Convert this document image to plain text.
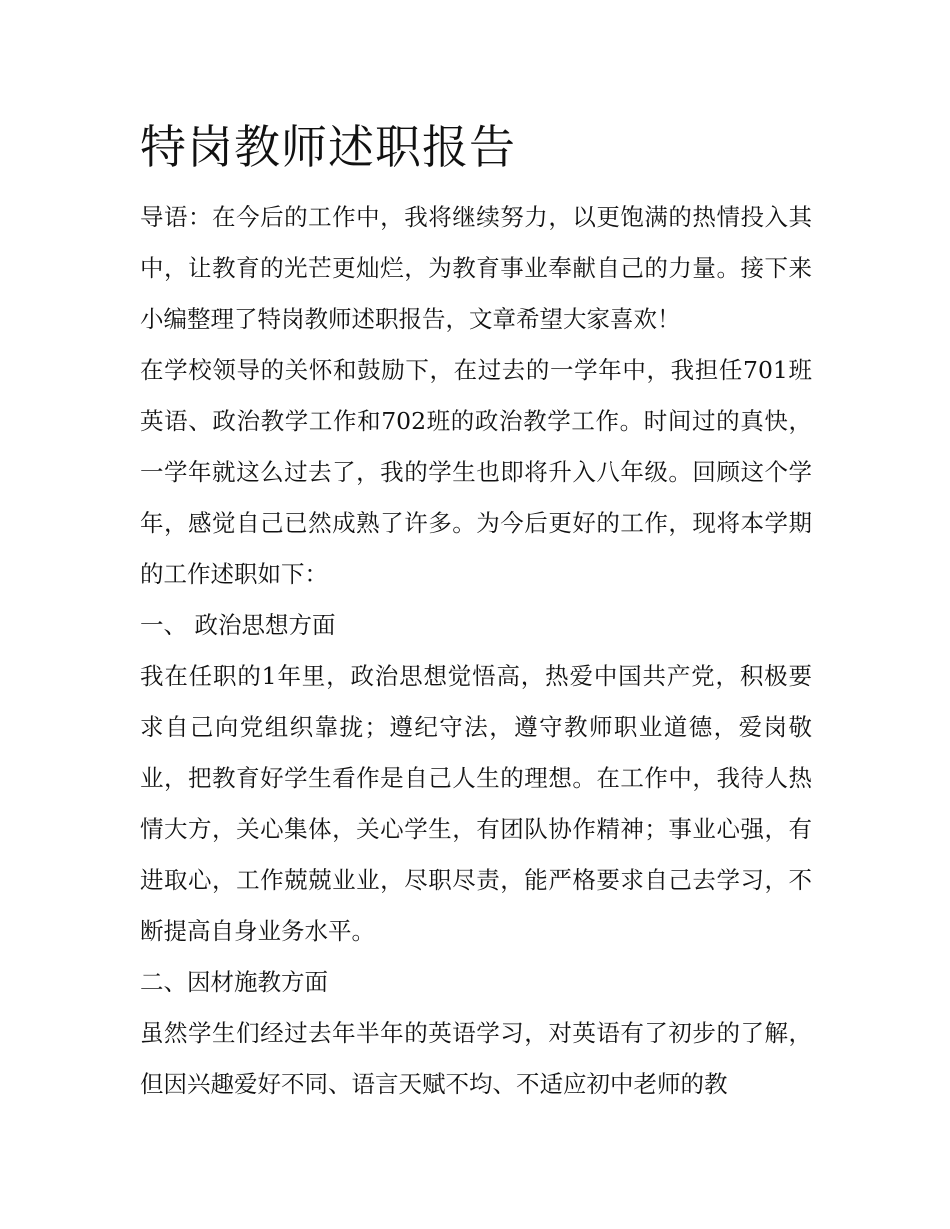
特岗教师述职报告

导语：在今后的工作中，我将继续努力，以更饱满的热情投入其中，让教育的光芒更灿烂，为教育事业奉献自己的力量。接下来小编整理了特岗教师述职报告，文章希望大家喜欢！

在学校领导的关怀和鼓励下，在过去的一学年中，我担任701班英语、政治教学工作和702班的政治教学工作。时间过的真快，一学年就这么过去了，我的学生也即将升入八年级。回顾这个学年，感觉自己已然成熟了许多。为今后更好的工作，现将本学期的工作述职如下：

一、 政治思想方面

我在任职的1年里，政治思想觉悟高，热爱中国共产党，积极要求自己向党组织靠拢；遵纪守法，遵守教师职业道德，爱岗敬业，把教育好学生看作是自己人生的理想。在工作中，我待人热情大方，关心集体，关心学生，有团队协作精神；事业心强，有进取心，工作兢兢业业，尽职尽责，能严格要求自己去学习，不断提高自身业务水平。

二、因材施教方面

虽然学生们经过去年半年的英语学习，对英语有了初步的了解，但因兴趣爱好不同、语言天赋不均、不适应初中老师的教
